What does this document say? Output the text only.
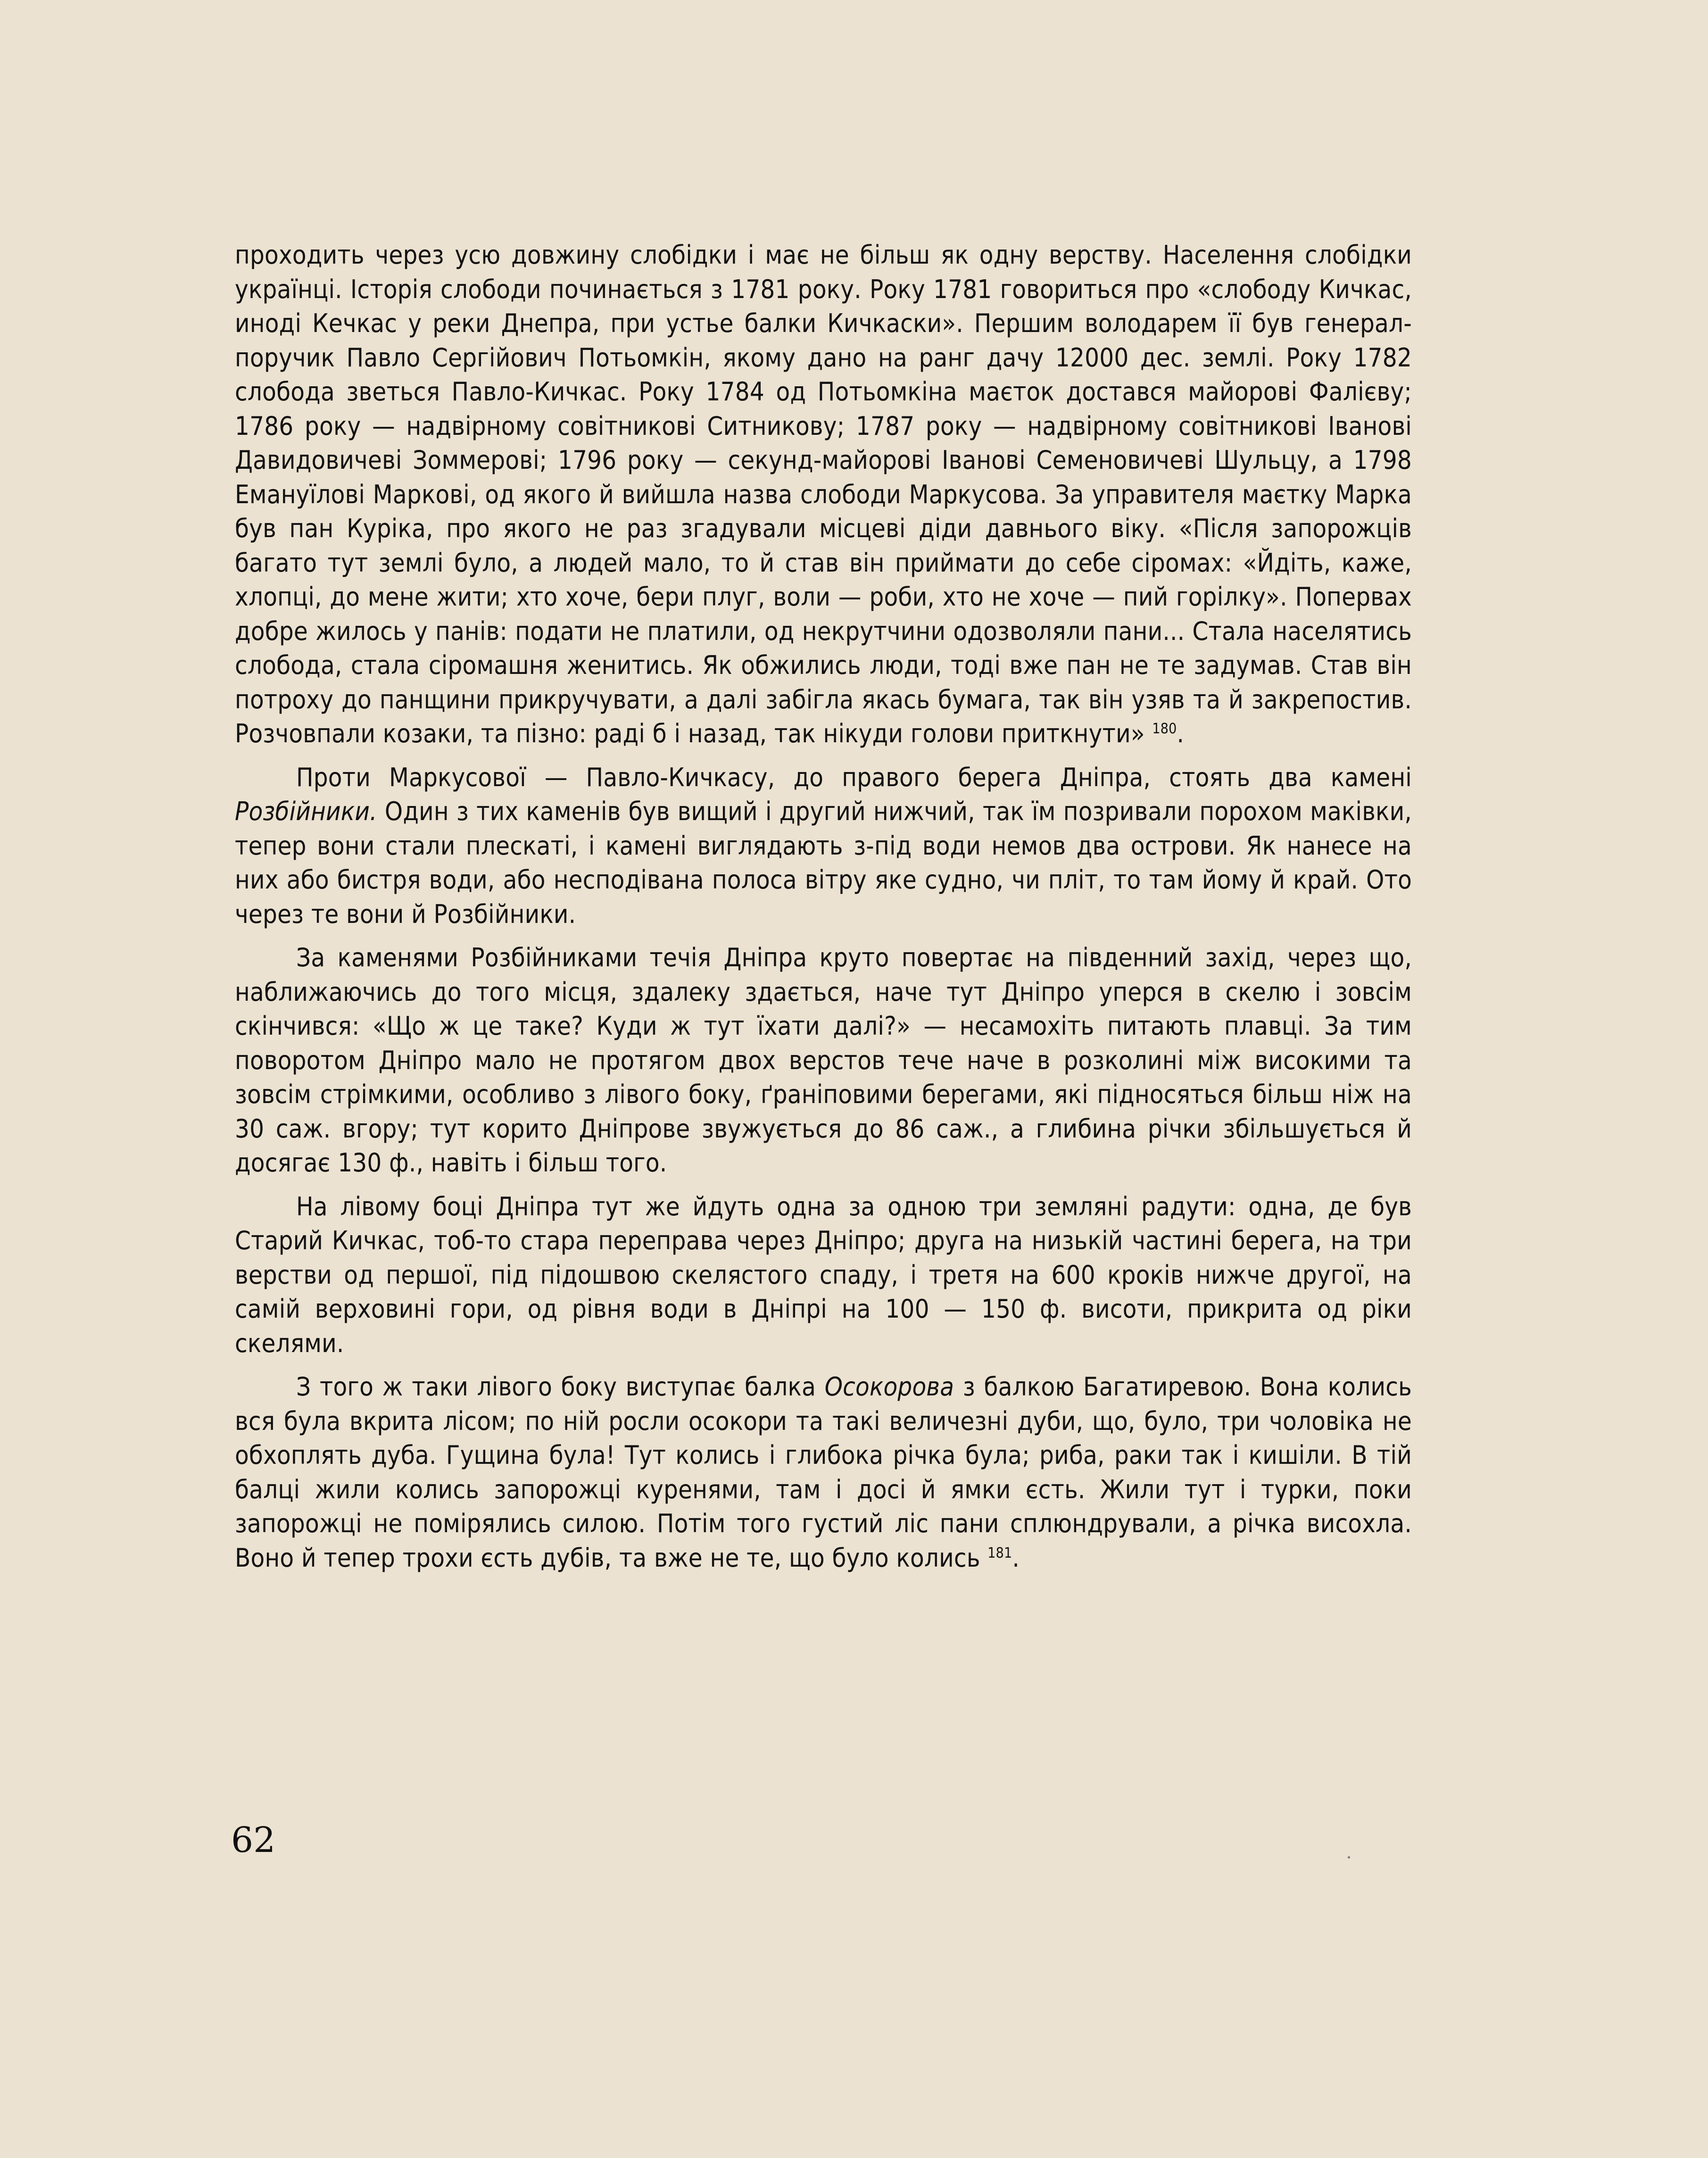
проходить через усю довжину слобідки і має не більш як одну верству. Населення слобідки українці. Історія слободи починається з 1781 року. Року 1781 говориться про «слободу Кичкас, иноді Кечкас у реки Днепра, при устье балки Кичкаски». Першим володарем її був генерал-поручик Павло Сергійович Потьомкін, якому дано на ранг дачу 12000 дес. землі. Року 1782 слобода зветься Павло-Кичкас. Року 1784 од Потьомкіна маєток достався майорові Фалієву; 1786 року — надвірному совітникові Ситникову; 1787 року — надвірному совітникові Іванові Давидовичеві Зоммерові; 1796 року — секунд-майорові Іванові Семеновичеві Шульцу, а 1798 Емануїлові Маркові, од якого й вийшла назва слободи Маркусова. За управителя маєтку Марка був пан Куріка, про якого не раз згадували місцеві діди давнього віку. «Після запорожців багато тут землі було, а людей мало, то й став він приймати до себе сіромах: «Йдіть, каже, хлопці, до мене жити; хто хоче, бери плуг, воли — роби, хто не хоче — пий горілку». Попервах добре жилось у панів: подати не платили, од некрутчини одозволяли пани... Стала населятись слобода, стала сіромашня женитись. Як обжились люди, тоді вже пан не те задумав. Став він потроху до панщини прикручувати, а далі забігла якась бумага, так він узяв та й закрепостив. Розчовпали козаки, та пізно: раді б і назад, так нікуди голови приткнути» $^{180}$.

Проти Маркусової — Павло-Кичкасу, до правого берега Дніпра, стоять два камені Розбійники. Один з тих каменів був вищий і другий нижчий, так їм позривали порохом маківки, тепер вони стали плескаті, і камені виглядають з-під води немов два острови. Як нанесе на них або бистря води, або несподівана полоса вітру яке судно, чи пліт, то там йому й край. Ото через те вони й Розбійники.

За каменями Розбійниками течія Дніпра круто повертає на південний захід, через що, наближаючись до того місця, здалеку здається, наче тут Дніпро уперся в скелю і зовсім скінчився: «Що ж це таке? Куди ж тут їхати далі?» — несамохіть питають плавці. За тим поворотом Дніпро мало не протягом двох верстов тече наче в розколині між високими та зовсім стрімкими, особливо з лівого боку, ґраніповими берегами, які підносяться більш ніж на 30 саж. вгору; тут корито Дніпрове звужується до 86 саж., а глибина річки збільшується й досягає 130 ф., навіть і більш того.

На лівому боці Дніпра тут же йдуть одна за одною три земляні радути: одна, де був Старий Кичкас, тоб-то стара переправа через Дніпро; друга на низькій частині берега, на три верстви од першої, під підошвою скелястого спаду, і третя на 600 кроків нижче другої, на самій верховині гори, од рівня води в Дніпрі на 100 — 150 ф. висоти, прикрита од ріки скелями.

З того ж таки лівого боку виступає балка Осокорова з балкою Багатиревою. Вона колись вся була вкрита лісом; по ній росли осокори та такі величезні дуби, що, було, три чоловіка не обхоплять дуба. Гущина була! Тут колись і глибока річка була; риба, раки так і кишіли. В тій балці жили колись запорожці куренями, там і досі й ямки єсть. Жили тут і турки, поки запорожці не помірялись силою. Потім того густий ліс пани сплюндрували, а річка висохла. Воно й тепер трохи єсть дубів, та вже не те, що було колись $^{181}$.

62
